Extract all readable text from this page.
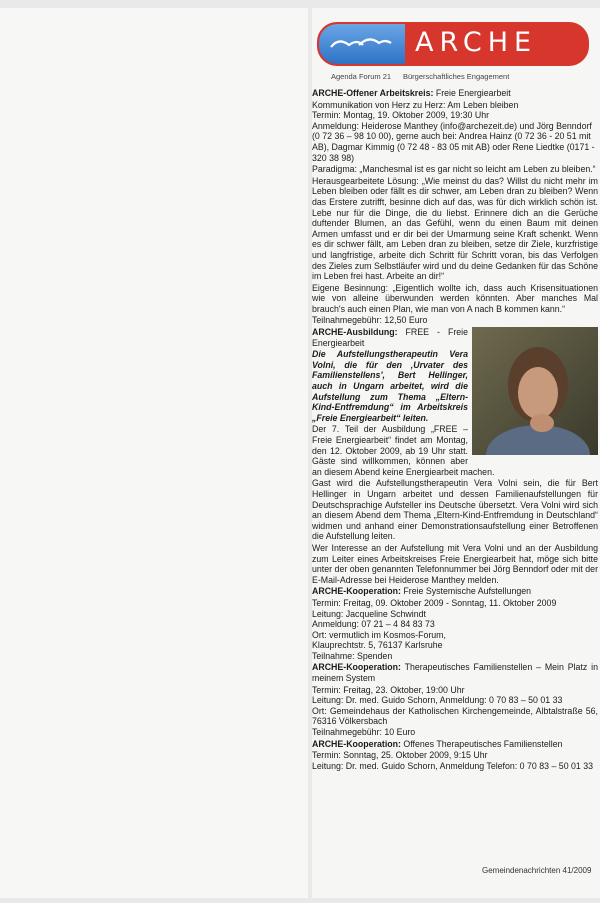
ARCHE
Agenda Forum 21 Bürgerschaftliches Engagement

ARCHE-Offener Arbeitskreis: Freie Energiearbeit

Kommunikation von Herz zu Herz: Am Leben bleiben
Termin: Montag, 19. Oktober 2009, 19:30 Uhr
Anmeldung: Heiderose Manthey (info@archezeit.de) und Jörg Benndorf (0 72 36 – 98 10 00), gerne auch bei: Andrea Hainz (0 72 36 - 20 51 mit AB), Dagmar Kimmig (0 72 48 - 83 05 mit AB) oder Rene Liedtke (0171 - 320 38 98)

Paradigma: „Manchesmal ist es gar nicht so leicht am Leben zu bleiben.“

Herausgearbeitete Lösung: „Wie meinst du das? Willst du nicht mehr im Leben bleiben oder fällt es dir schwer, am Leben dran zu bleiben? Wenn das Erstere zutrifft, besinne dich auf das, was für dich wirklich schön ist. Lebe nur für die Dinge, die du liebst. Erinnere dich an die Gerüche duftender Blumen, an das Gefühl, wenn du einen Baum mit deinen Armen umfasst und er dir bei der Umarmung seine Kraft schenkt. Wenn es dir schwer fällt, am Leben dran zu bleiben, setze dir Ziele, kurzfristige und langfristige, arbeite dich Schritt für Schritt voran, bis das Verfolgen des Zieles zum Selbstläufer wird und du deine Gedanken für das Schöne im Leben frei hast. Arbeite an dir!“

Eigene Besinnung: „Eigentlich wollte ich, dass auch Krisensituationen wie von alleine überwunden werden könnten. Aber manches Mal brauch's auch einen Plan, wie man von A nach B kommen kann.“

Teilnahmegebühr: 12,50 Euro

ARCHE-Ausbildung: FREE - Freie Energiearbeit

Die Aufstellungstherapeutin Vera Volni, die für den ‚Urvater des Familienstellens', Bert Hellinger, auch in Ungarn arbeitet, wird die Aufstellung zum Thema „Eltern-Kind-Entfremdung“ im Arbeitskreis „Freie Energiearbeit“ leiten.

Der 7. Teil der Ausbildung „FREE – Freie Energiearbeit“ findet am Montag, den 12. Oktober 2009, ab 19 Uhr statt. Gäste sind willkommen, können aber an diesem Abend keine Energiearbeit machen.

Gast wird die Aufstellungstherapeutin Vera Volni sein, die für Bert Hellinger in Ungarn arbeitet und dessen Familienaufstellungen für Deutschsprachige Aufsteller ins Deutsche übersetzt. Vera Volni wird sich an diesem Abend dem Thema „Eltern-Kind-Entfremdung in Deutschland“ widmen und anhand einer Demonstrationsaufstellung einer Betroffenen die Aufstellung leiten.

Wer Interesse an der Aufstellung mit Vera Volni und an der Ausbildung zum Leiter eines Arbeitskreises Freie Energiearbeit hat, möge sich bitte unter der oben genannten Telefonnummer bei Jörg Benndorf oder mit der E-Mail-Adresse bei Heiderose Manthey melden.

ARCHE-Kooperation: Freie Systemische Aufstellungen

Termin: Freitag, 09. Oktober 2009 - Sonntag, 11. Oktober 2009
Leitung: Jacqueline Schwindt
Anmeldung: 07 21 – 4 84 83 73
Ort: vermutlich im Kosmos-Forum,
Klauprechtstr. 5, 76137 Karlsruhe
Teilnahme: Spenden

ARCHE-Kooperation: Therapeutisches Familienstellen – Mein Platz in meinem System

Termin: Freitag, 23. Oktober, 19:00 Uhr
Leitung: Dr. med. Guido Schorn, Anmeldung: 0 70 83 – 50 01 33
Ort: Gemeindehaus der Katholischen Kirchengemeinde, Albtalstraße 56, 76316 Völkersbach
Teilnahmegebühr: 10 Euro

ARCHE-Kooperation: Offenes Therapeutisches Familienstellen

Termin: Sonntag, 25. Oktober 2009, 9:15 Uhr
Leitung: Dr. med. Guido Schorn, Anmeldung Telefon: 0 70 83 – 50 01 33

Gemeindenachrichten 41/2009
